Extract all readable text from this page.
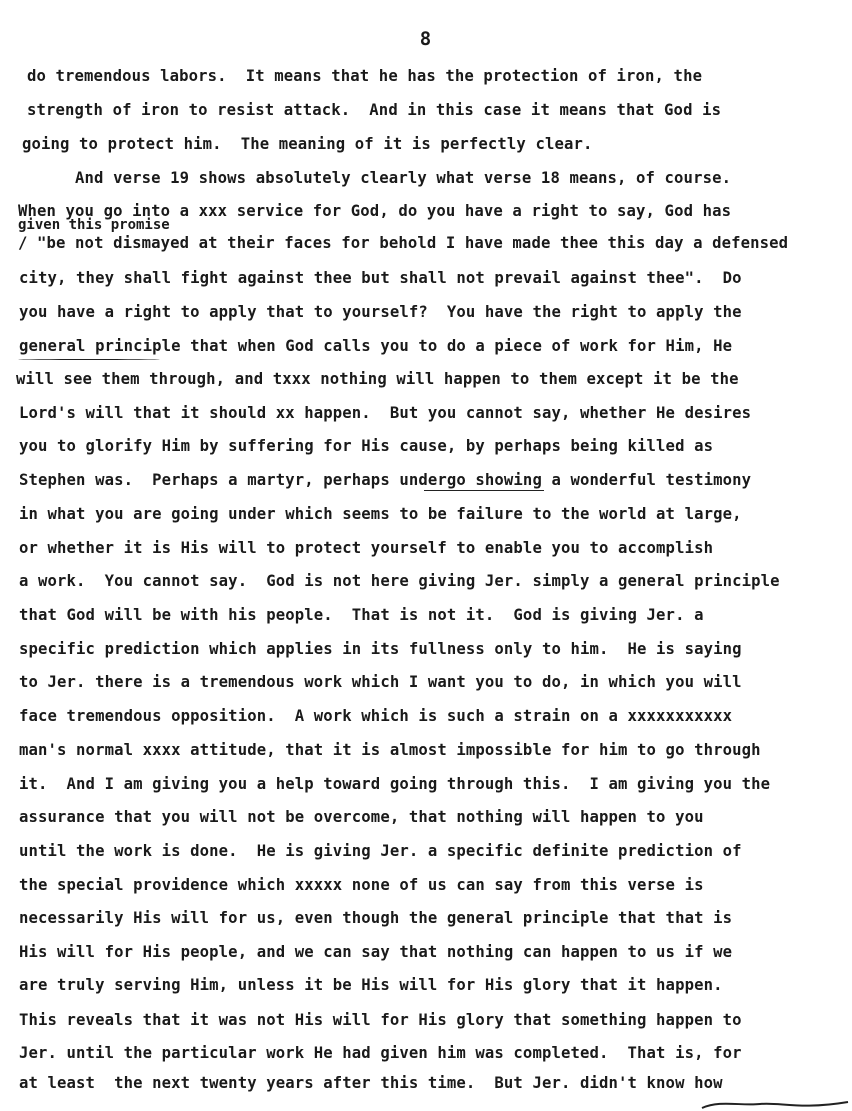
8
do tremendous labors.  It means that he has the protection of iron, the
strength of iron to resist attack.  And in this case it means that God is
going to protect him.  The meaning of it is perfectly clear.
And verse 19 shows absolutely clearly what verse 18 means, of course.
When you go into a xxx service for God, do you have a right to say, God has
given this promise
/ "be not dismayed at their faces for behold I have made thee this day a defensed
city, they shall fight against thee but shall not prevail against thee".  Do
you have a right to apply that to yourself?  You have the right to apply the
general principle that when God calls you to do a piece of work for Him, He
will see them through, and txxx nothing will happen to them except it be the
Lord's will that it should xx happen.  But you cannot say, whether He desires
you to glorify Him by suffering for His cause, by perhaps being killed as
Stephen was.  Perhaps a martyr, perhaps undergo showing a wonderful testimony
in what you are going under which seems to be failure to the world at large,
or whether it is His will to protect yourself to enable you to accomplish
a work.  You cannot say.  God is not here giving Jer. simply a general principle
that God will be with his people.  That is not it.  God is giving Jer. a
specific prediction which applies in its fullness only to him.  He is saying
to Jer. there is a tremendous work which I want you to do, in which you will
face tremendous opposition.  A work which is such a strain on a xxxxxxxxxxx
man's normal xxxx attitude, that it is almost impossible for him to go through
it.  And I am giving you a help toward going through this.  I am giving you the
assurance that you will not be overcome, that nothing will happen to you
until the work is done.  He is giving Jer. a specific definite prediction of
the special providence which xxxxx none of us can say from this verse is
necessarily His will for us, even though the general principle that that is
His will for His people, and we can say that nothing can happen to us if we
are truly serving Him, unless it be His will for His glory that it happen.
This reveals that it was not His will for His glory that something happen to
Jer. until the particular work He had given him was completed.  That is, for
at least  the next twenty years after this time.  But Jer. didn't know how
